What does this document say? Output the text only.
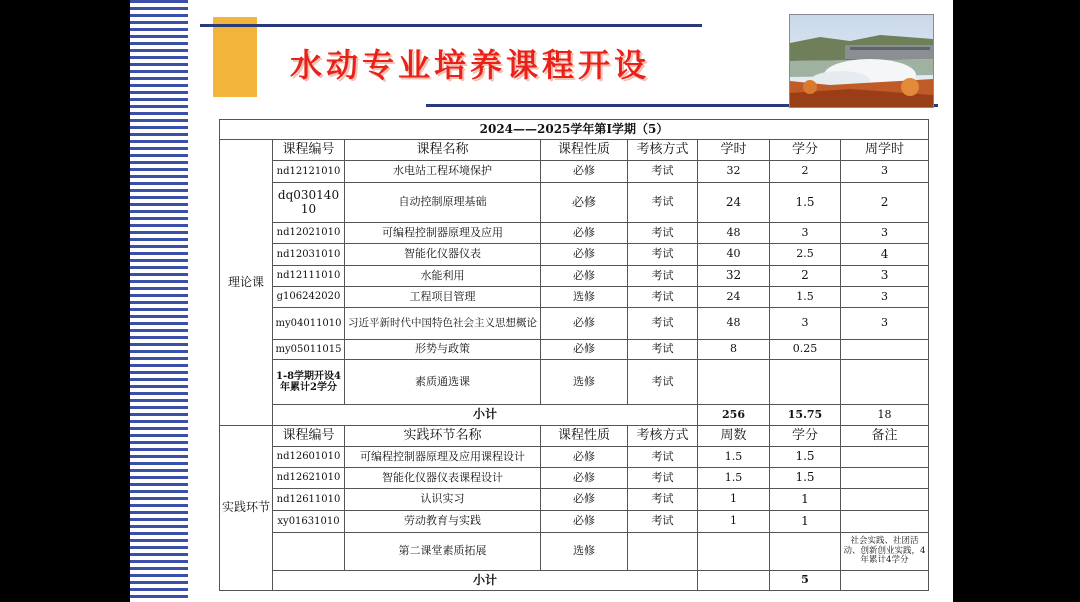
水动专业培养课程开设
2024——2025学年第Ⅰ学期（5）							
理论课	课程编号	课程名称	课程性质	考核方式	学时	学分	周学时
	nd12121010	水电站工程环境保护	必修	考试	32	2	3
	dq03014010	自动控制原理基础	必修	考试	24	1.5	2
	nd12021010	可编程控制器原理及应用	必修	考试	48	3	3
	nd12031010	智能化仪器仪表	必修	考试	40	2.5	4
	nd12111010	水能利用	必修	考试	32	2	3
	g106242020	工程项目管理	选修	考试	24	1.5	3
	my04011010	习近平新时代中国特色社会主义思想概论	必修	考试	48	3	3
	my05011015	形势与政策	必修	考试	8	0.25	
	1-8学期开设4年累计2学分	素质通选课	选修	考试			
	小计				256	15.75	18
实践环节	课程编号	实践环节名称	课程性质	考核方式	周数	学分	备注
	nd12601010	可编程控制器原理及应用课程设计	必修	考试	1.5	1.5	
	nd12621010	智能化仪器仪表课程设计	必修	考试	1.5	1.5	
	nd12611010	认识实习	必修	考试	1	1	
	xy01631010	劳动教育与实践	必修	考试	1	1	
		第二课堂素质拓展	选修				社会实践、社团活动、创新创业实践，4年累计4学分
	小计					5	
